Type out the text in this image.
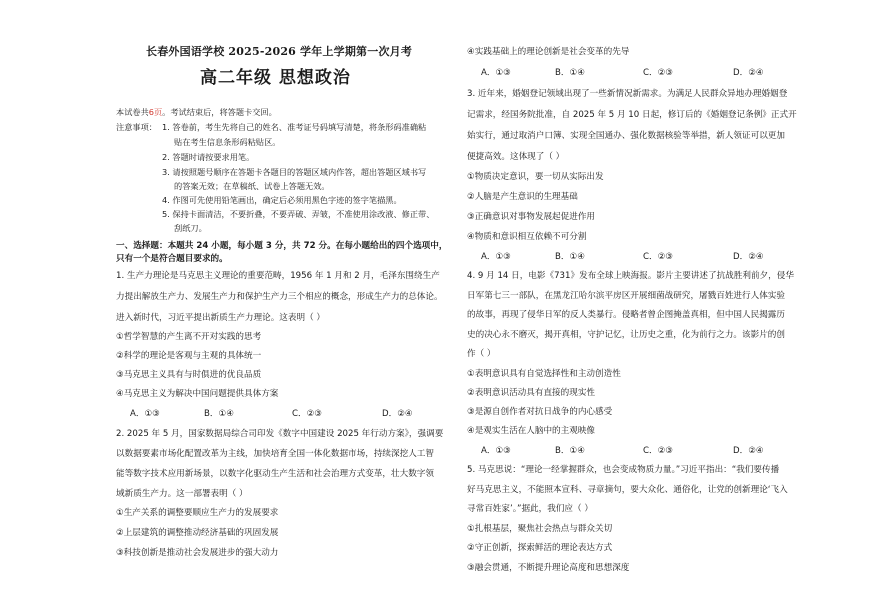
长春外国语学校 2025-2026 学年上学期第一次月考
高二年级 思想政治
本试卷共6页。考试结束后，将答题卡交回。
注意事项： 1. 答卷前，考生先将自己的姓名、准考证号码填写清楚，将条形码准确粘
贴在考生信息条形码粘贴区。
2. 答题时请按要求用笔。
3. 请按照题号顺序在答题卡各题目的答题区域内作答，超出答题区域书写
的答案无效；在草稿纸、试卷上答题无效。
4. 作图可先使用铅笔画出，确定后必须用黑色字迹的签字笔描黑。
5. 保持卡面清洁，不要折叠，不要弄破、弄皱，不准使用涂改液、修正带、
刮纸刀。
一、选择题：本题共 24 小题，每小题 3 分，共 72 分。在每小题给出的四个选项中，
只有一个是符合题目要求的。
1. 生产力理论是马克思主义理论的重要范畴，1956 年 1 月和 2 月，毛泽东围绕生产
力提出解放生产力、发展生产力和保护生产力三个相应的概念，形成生产力的总体论。
进入新时代，习近平提出新质生产力理论。这表明（ ）
①哲学智慧的产生离不开对实践的思考
②科学的理论是客观与主观的具体统一
③马克思主义具有与时俱进的优良品质
④马克思主义为解决中国问题提供具体方案
A．①③	B．①④	C．②③	D．②④
2. 2025 年 5 月，国家数据局综合司印发《数字中国建设 2025 年行动方案》，强调要
以数据要素市场化配置改革为主线，加快培育全国一体化数据市场，持续深挖人工智
能等数字技术应用新场景，以数字化驱动生产生活和社会治理方式变革，壮大数字领
域新质生产力。这一部署表明（ ）
①生产关系的调整要顺应生产力的发展要求
②上层建筑的调整推动经济基础的巩固发展
③科技创新是推动社会发展进步的强大动力
④实践基础上的理论创新是社会变革的先导
A．①③	B．①④	C．②③	D．②④
3. 近年来，婚姻登记领域出现了一些新情况新需求。为满足人民群众异地办理婚姻登
记需求，经国务院批准，自 2025 年 5 月 10 日起，修订后的《婚姻登记条例》正式开
始实行，通过取消户口簿、实现全国通办、强化数据核验等举措，新人领证可以更加
便捷高效。这体现了（ ）
①物质决定意识，要一切从实际出发
②人脑是产生意识的生理基础
③正确意识对事物发展起促进作用
④物质和意识相互依赖不可分割
A．①③	B．①④	C．②③	D．②④
4. 9 月 14 日，电影《731》发布全球上映海报。影片主要讲述了抗战胜利前夕，侵华
日军第七三一部队，在黑龙江哈尔滨平房区开展细菌战研究，屠戮百姓进行人体实验
的故事，再现了侵华日军的反人类暴行。侵略者曾企图掩盖真相，但中国人民揭露历
史的决心永不磨灭，揭开真相，守护记忆，让历史之重，化为前行之力。该影片的创
作（ ）
①表明意识具有自觉选择性和主动创造性
②表明意识活动具有直接的现实性
③是源自创作者对抗日战争的内心感受
④是观实生活在人脑中的主观映像
A．①③	B．①④	C．②③	D．②④
5. 马克思说：“理论一经掌握群众，也会变成物质力量。”习近平指出：“我们要传播
好马克思主义，不能照本宣科、寻章摘句，要大众化、通俗化，让党的创新理论‘飞入
寻常百姓家’。”据此，我们应（ ）
①扎根基层，聚焦社会热点与群众关切
②守正创新，探索鲜活的理论表达方式
③融会贯通，不断提升理论高度和思想深度
